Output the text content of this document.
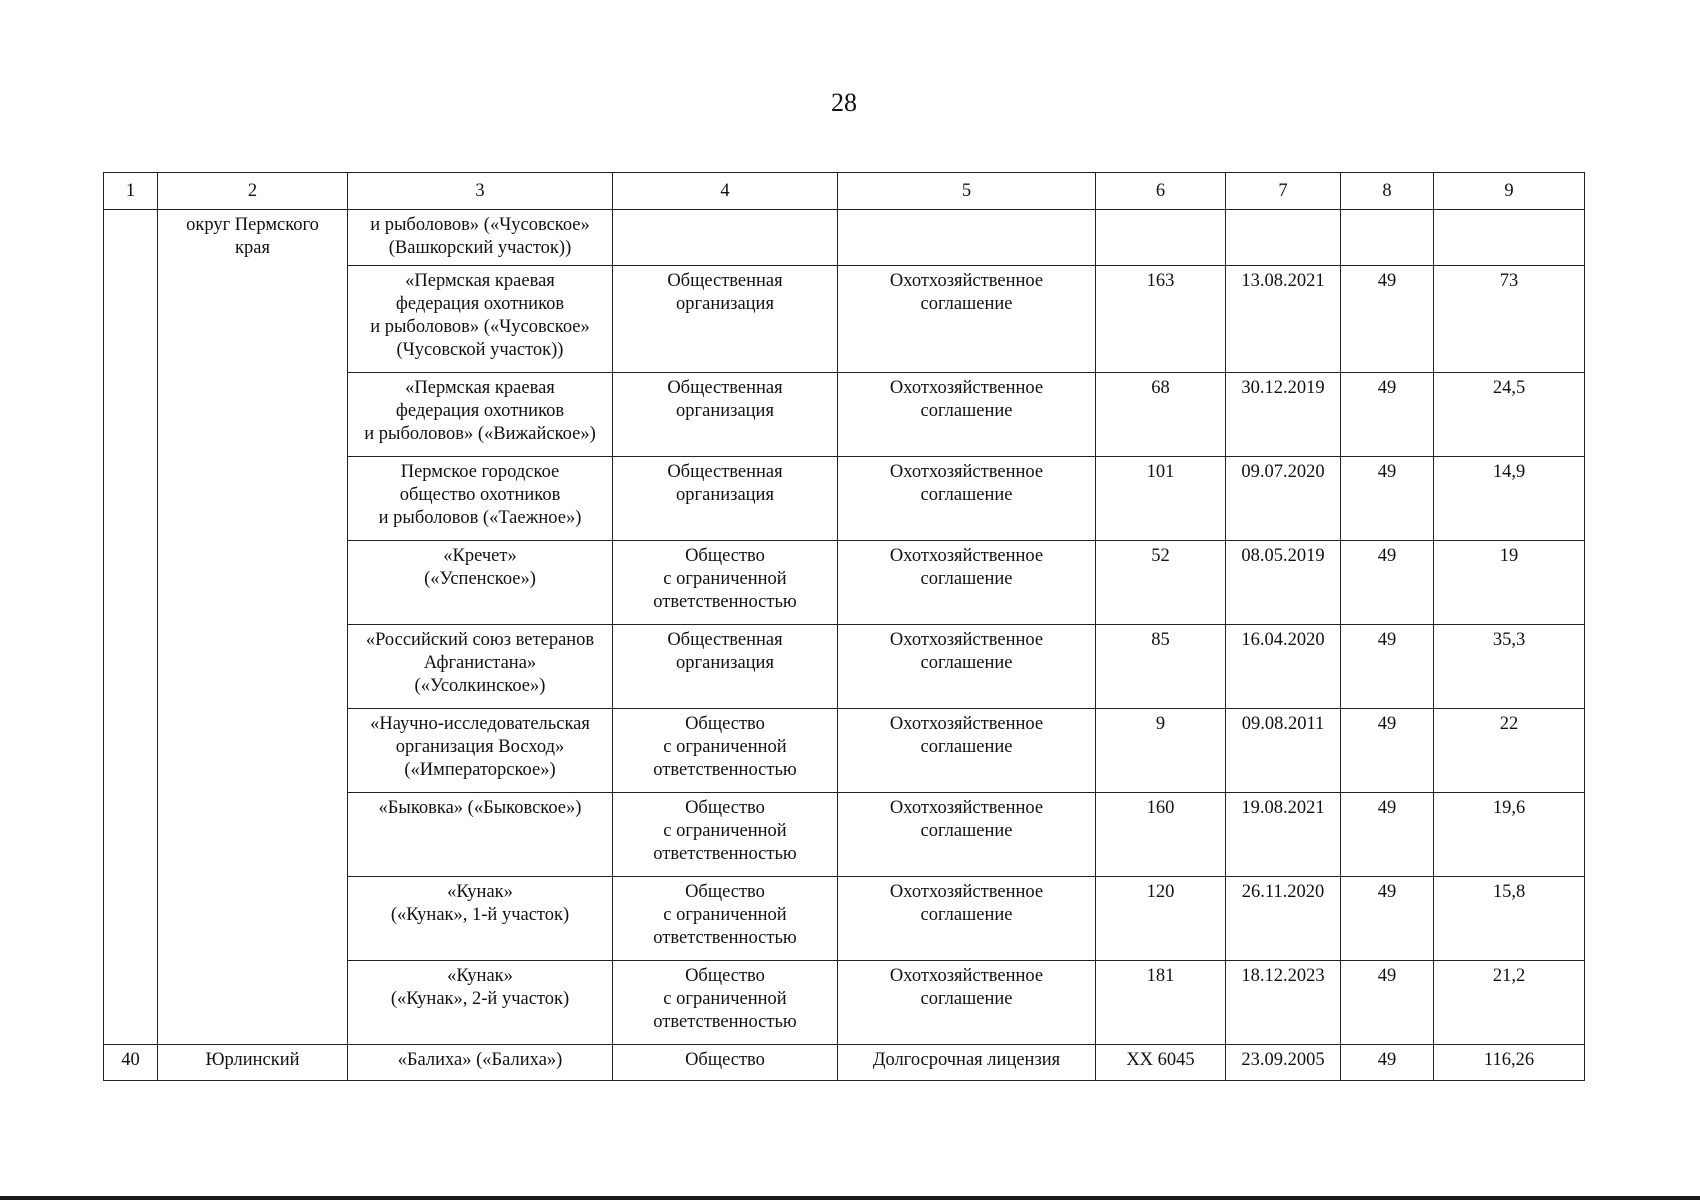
28
1	2	3	4	5	6	7	8	9
	округ Пермского
края	и рыболовов» («Чусовское»
(Вашкорский участок))						
		«Пермская краевая
федерация охотников
и рыболовов» («Чусовское»
(Чусовской участок))	Общественная
организация	Охотхозяйственное
соглашение	163	13.08.2021	49	73
		«Пермская краевая
федерация охотников
и рыболовов» («Вижайское»)	Общественная
организация	Охотхозяйственное
соглашение	68	30.12.2019	49	24,5
		Пермское городское
общество охотников
и рыболовов («Таежное»)	Общественная
организация	Охотхозяйственное
соглашение	101	09.07.2020	49	14,9
		«Кречет»
(«Успенское»)	Общество
с ограниченной
ответственностью	Охотхозяйственное
соглашение	52	08.05.2019	49	19
		«Российский союз ветеранов
Афганистана»
(«Усолкинское»)	Общественная
организация	Охотхозяйственное
соглашение	85	16.04.2020	49	35,3
		«Научно-исследовательская
организация Восход»
(«Императорское»)	Общество
с ограниченной
ответственностью	Охотхозяйственное
соглашение	9	09.08.2011	49	22
		«Быковка» («Быковское»)	Общество
с ограниченной
ответственностью	Охотхозяйственное
соглашение	160	19.08.2021	49	19,6
		«Кунак»
(«Кунак», 1-й участок)	Общество
с ограниченной
ответственностью	Охотхозяйственное
соглашение	120	26.11.2020	49	15,8
		«Кунак»
(«Кунак», 2-й участок)	Общество
с ограниченной
ответственностью	Охотхозяйственное
соглашение	181	18.12.2023	49	21,2
40	Юрлинский	«Балиха» («Балиха»)	Общество	Долгосрочная лицензия	XX 6045	23.09.2005	49	116,26
